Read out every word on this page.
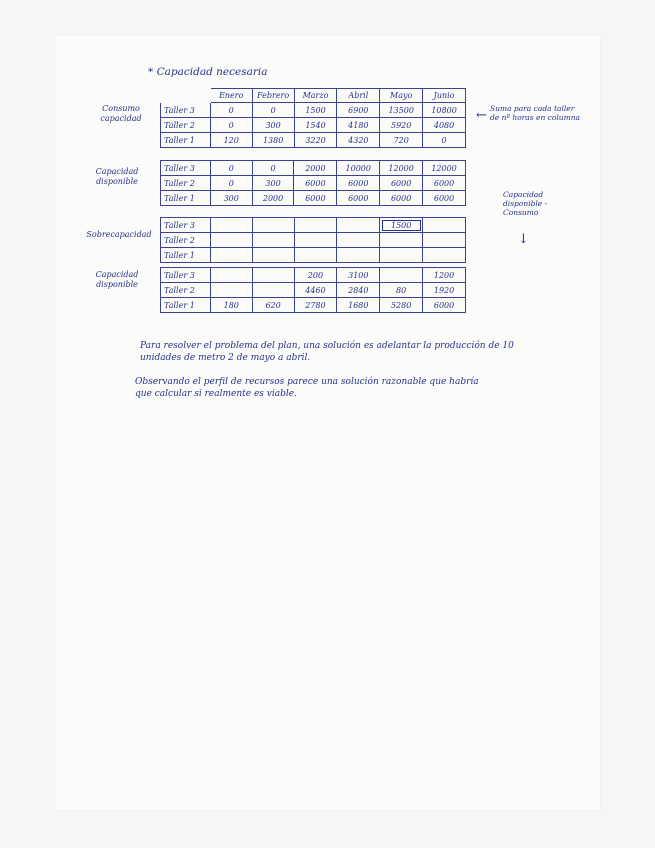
* Capacidad necesaria
Consumo capacidad
Capacidad disponible
Sobrecapacidad
Capacidad disponible
← Suma para cada taller de nº horas en columna
Capacidad disponible - Consumo
↓
	Enero	Febrero	Marzo	Abril	Mayo	Junio
Taller 3	0	0	1500	6900	13500	10800
Taller 2	0	300	1540	4180	5920	4080
Taller 1	120	1380	3220	4320	720	0
Taller 3	0	0	2000	10000	12000	12000
Taller 2	0	300	6000	6000	6000	6000
Taller 1	300	2000	6000	6000	6000	6000
Taller 3					1500	
Taller 2						
Taller 1						
Taller 3			200	3100		1200
Taller 2			4460	2840	80	1920
Taller 1	180	620	2780	1680	5280	6000
Para resolver el problema del plan, una solución es adelantar la producción de 10 unidades de metro 2 de mayo a abril.
Observando el perfil de recursos parece una solución razonable que habría que calcular si realmente es viable.
